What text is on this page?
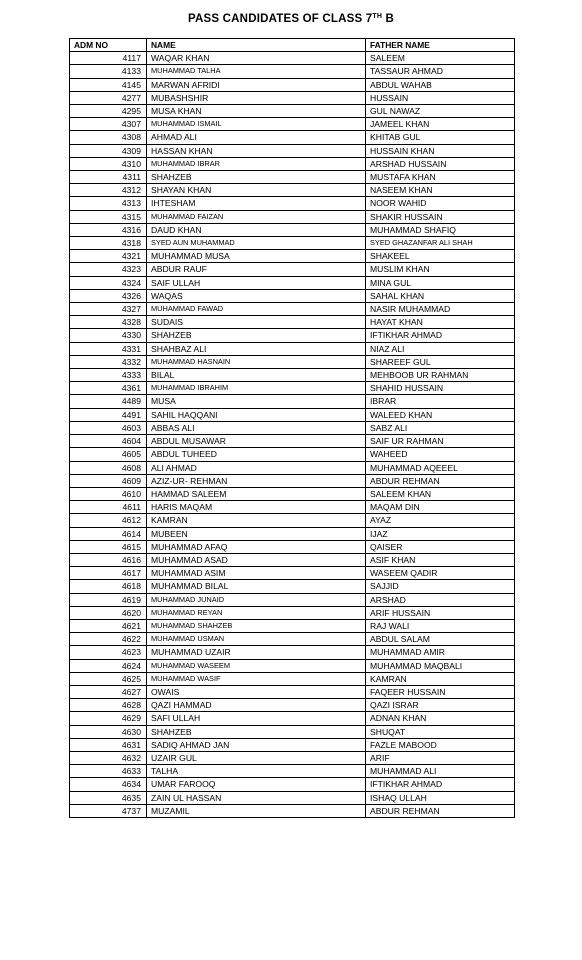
PASS CANDIDATES OF CLASS 7TH B
ADM NO	NAME	FATHER NAME
4117	WAQAR KHAN	SALEEM
4133	MUHAMMAD TALHA	TASSAUR AHMAD
4145	MARWAN AFRIDI	ABDUL WAHAB
4277	MUBASHSHIR	HUSSAIN
4295	MUSA KHAN	GUL NAWAZ
4307	MUHAMMAD ISMAIL	JAMEEL KHAN
4308	AHMAD ALI	KHITAB GUL
4309	HASSAN KHAN	HUSSAIN KHAN
4310	MUHAMMAD IBRAR	ARSHAD HUSSAIN
4311	SHAHZEB	MUSTAFA KHAN
4312	SHAYAN KHAN	NASEEM KHAN
4313	IHTESHAM	NOOR WAHID
4315	MUHAMMAD FAIZAN	SHAKIR HUSSAIN
4316	DAUD KHAN	MUHAMMAD SHAFIQ
4318	SYED AUN MUHAMMAD	SYED GHAZANFAR ALI SHAH
4321	MUHAMMAD MUSA	SHAKEEL
4323	ABDUR RAUF	MUSLIM KHAN
4324	SAIF ULLAH	MINA GUL
4326	WAQAS	SAHAL KHAN
4327	MUHAMMAD FAWAD	NASIR MUHAMMAD
4328	SUDAIS	HAYAT KHAN
4330	SHAHZEB	IFTIKHAR AHMAD
4331	SHAHBAZ ALI	NIAZ ALI
4332	MUHAMMAD HASNAIN	SHAREEF GUL
4333	BILAL	MEHBOOB UR RAHMAN
4361	MUHAMMAD IBRAHIM	SHAHID HUSSAIN
4489	MUSA	IBRAR
4491	SAHIL HAQQANI	WALEED KHAN
4603	ABBAS ALI	SABZ ALI
4604	ABDUL MUSAWAR	SAIF UR RAHMAN
4605	ABDUL TUHEED	WAHEED
4608	ALI AHMAD	MUHAMMAD AQEEEL
4609	AZIZ-UR- REHMAN	ABDUR REHMAN
4610	HAMMAD SALEEM	SALEEM KHAN
4611	HARIS MAQAM	MAQAM DIN
4612	KAMRAN	AYAZ
4614	MUBEEN	IJAZ
4615	MUHAMMAD AFAQ	QAISER
4616	MUHAMMAD ASAD	ASIF KHAN
4617	MUHAMMAD ASIM	WASEEM QADIR
4618	MUHAMMAD BILAL	SAJJID
4619	MUHAMMAD JUNAID	ARSHAD
4620	MUHAMMAD REYAN	ARIF HUSSAIN
4621	MUHAMMAD SHAHZEB	RAJ WALI
4622	MUHAMMAD USMAN	ABDUL SALAM
4623	MUHAMMAD UZAIR	MUHAMMAD AMIR
4624	MUHAMMAD WASEEM	MUHAMMAD MAQBALI
4625	MUHAMMAD WASIF	KAMRAN
4627	OWAIS	FAQEER HUSSAIN
4628	QAZI HAMMAD	QAZI ISRAR
4629	SAFI ULLAH	ADNAN KHAN
4630	SHAHZEB	SHUQAT
4631	SADIQ AHMAD JAN	FAZLE MABOOD
4632	UZAIR GUL	ARIF
4633	TALHA	MUHAMMAD ALI
4634	UMAR FAROOQ	IFTIKHAR AHMAD
4635	ZAIN UL HASSAN	ISHAQ ULLAH
4737	MUZAMIL	ABDUR REHMAN
